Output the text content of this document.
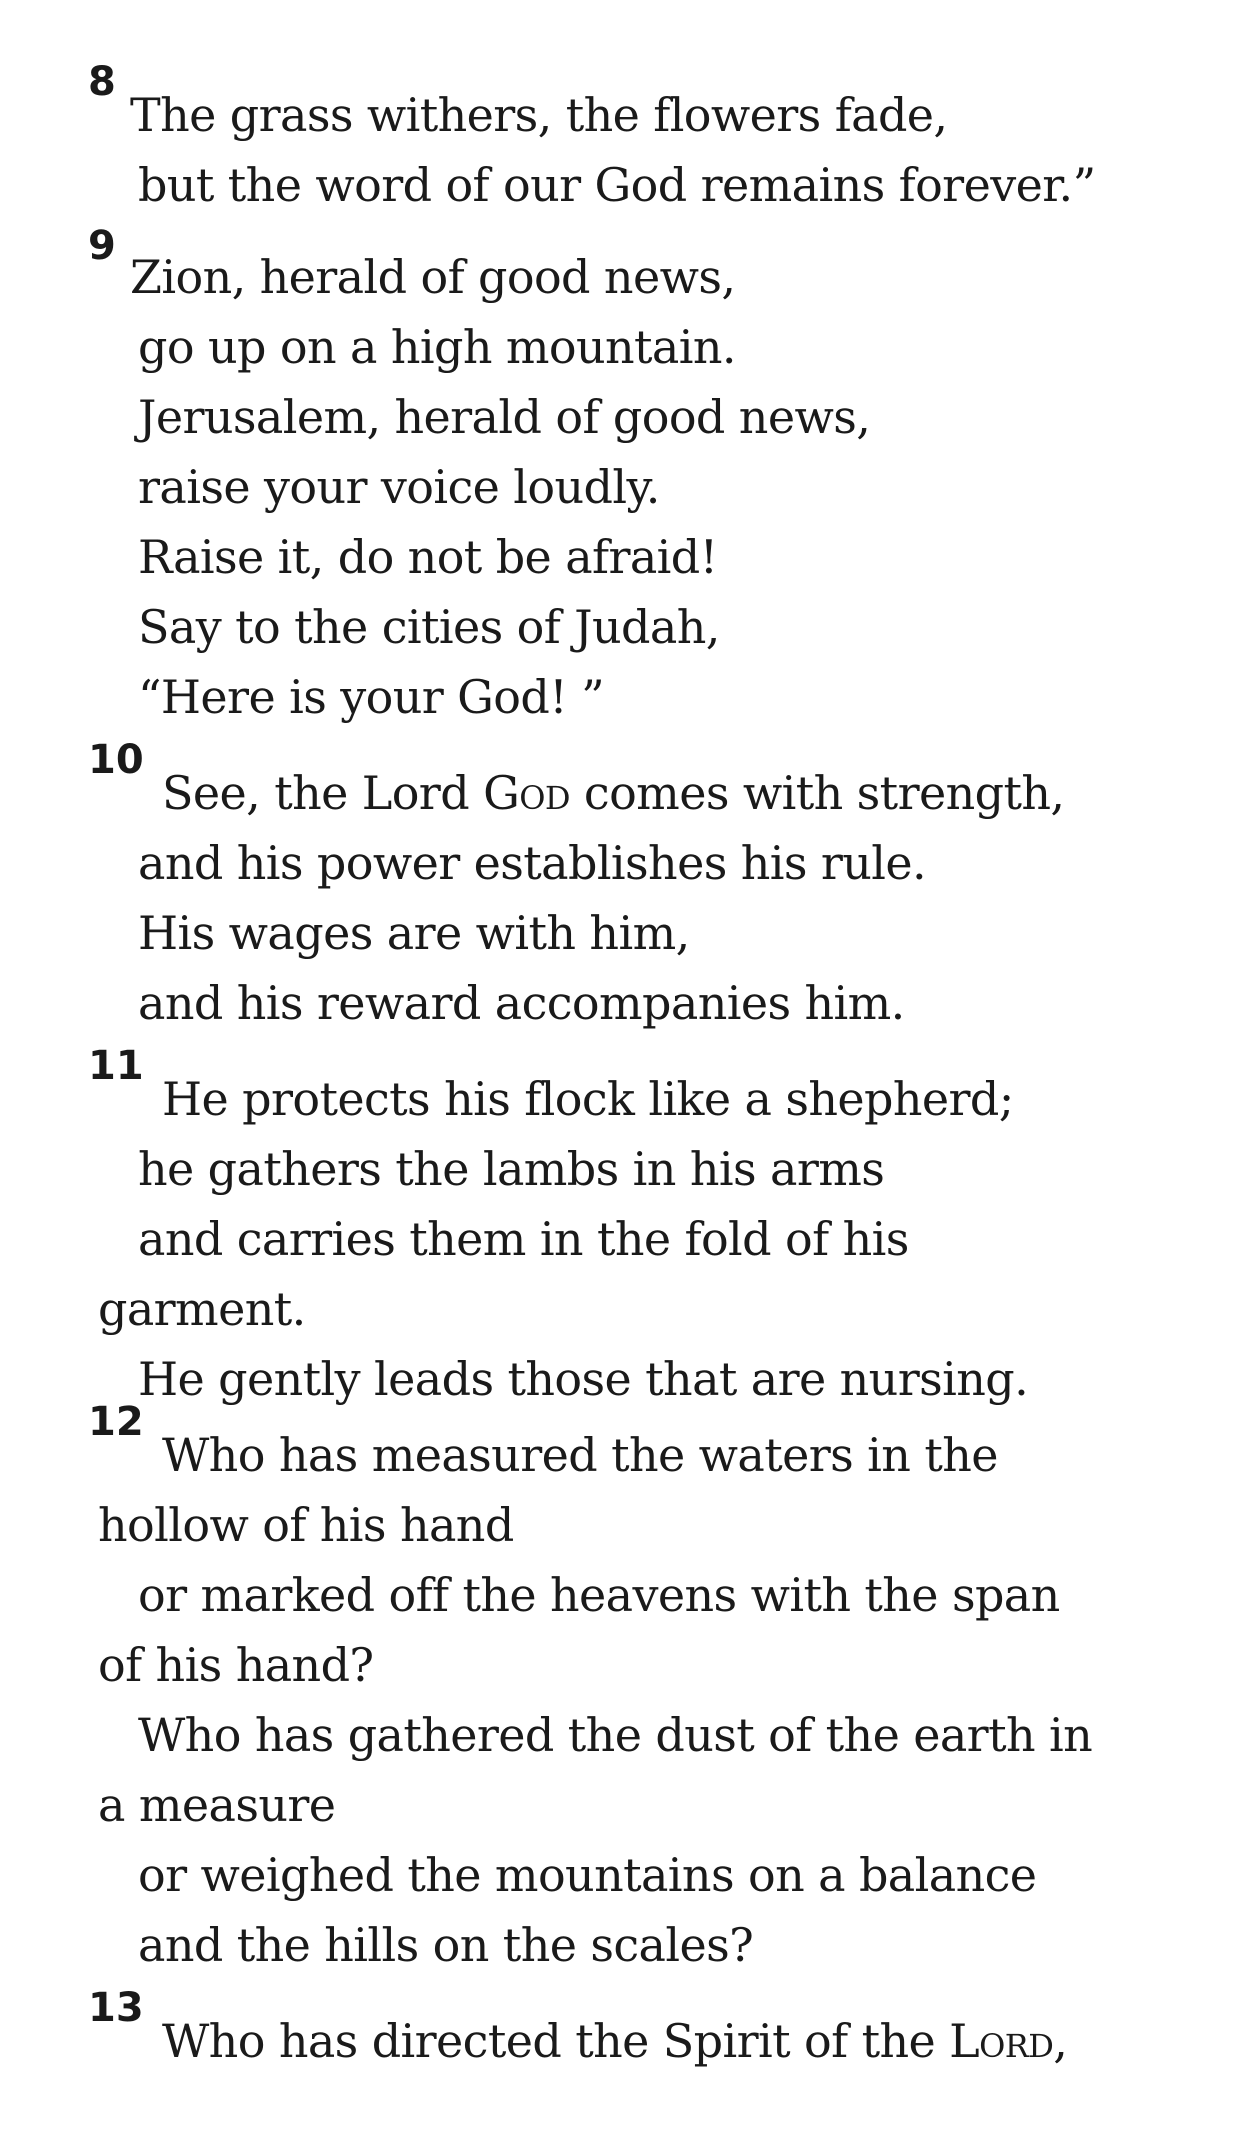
8
The grass withers, the flowers fade,
but the word of our God remains forever.”
9
Zion, herald of good news,
go up on a high mountain.
Jerusalem, herald of good news,
raise your voice loudly.
Raise it, do not be afraid!
Say to the cities of Judah,
“Here is your God! ”
10
See, the Lord God comes with strength,
and his power establishes his rule.
His wages are with him,
and his reward accompanies him.
11
He protects his flock like a shepherd;
he gathers the lambs in his arms
and carries them in the fold of his
garment.
He gently leads those that are nursing.
12
Who has measured the waters in the
hollow of his hand
or marked off the heavens with the span
of his hand?
Who has gathered the dust of the earth in
a measure
or weighed the mountains on a balance
and the hills on the scales?
13
Who has directed the Spirit of the Lord,
